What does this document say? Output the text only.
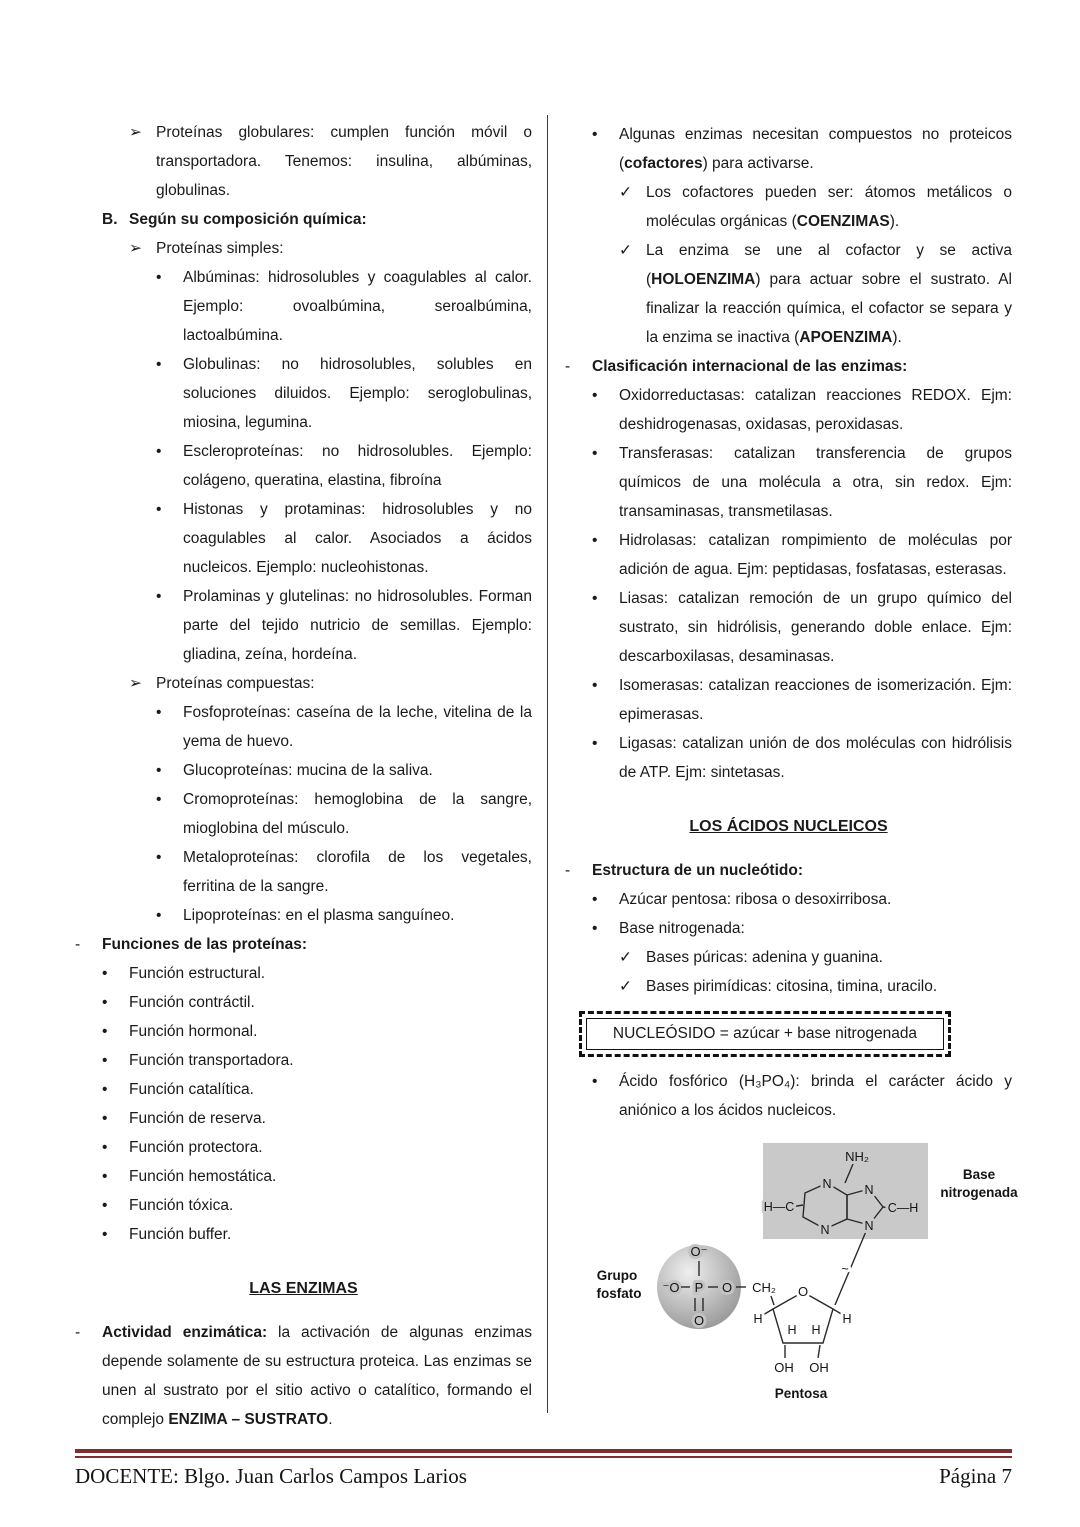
➢ Proteínas globulares: cumplen función móvil o transportadora. Tenemos: insulina, albúminas, globulinas.
B. Según su composición química:
➢ Proteínas simples:
• Albúminas: hidrosolubles y coagulables al calor. Ejemplo: ovoalbúmina, seroalbúmina, lactoalbúmina.
• Globulinas: no hidrosolubles, solubles en soluciones diluidos. Ejemplo: seroglobulinas, miosina, legumina.
• Escleroproteínas: no hidrosolubles. Ejemplo: colágeno, queratina, elastina, fibroína
• Histonas y protaminas: hidrosolubles y no coagulables al calor. Asociados a ácidos nucleicos. Ejemplo: nucleohistonas.
• Prolaminas y glutelinas: no hidrosolubles. Forman parte del tejido nutricio de semillas. Ejemplo: gliadina, zeína, hordeína.
➢ Proteínas compuestas:
• Fosfoproteínas: caseína de la leche, vitelina de la yema de huevo.
• Glucoproteínas: mucina de la saliva.
• Cromoproteínas: hemoglobina de la sangre, mioglobina del músculo.
• Metaloproteínas: clorofila de los vegetales, ferritina de la sangre.
• Lipoproteínas: en el plasma sanguíneo.
- Funciones de las proteínas:
• Función estructural.
• Función contráctil.
• Función hormonal.
• Función transportadora.
• Función catalítica.
• Función de reserva.
• Función protectora.
• Función hemostática.
• Función tóxica.
• Función buffer.
LAS ENZIMAS
- Actividad enzimática: la activación de algunas enzimas depende solamente de su estructura proteica. Las enzimas se unen al sustrato por el sitio activo o catalítico, formando el complejo ENZIMA – SUSTRATO.
• Algunas enzimas necesitan compuestos no proteicos (cofactores) para activarse.
✓ Los cofactores pueden ser: átomos metálicos o moléculas orgánicas (COENZIMAS).
✓ La enzima se une al cofactor y se activa (HOLOENZIMA) para actuar sobre el sustrato. Al finalizar la reacción química, el cofactor se separa y la enzima se inactiva (APOENZIMA).
- Clasificación internacional de las enzimas:
• Oxidorreductasas: catalizan reacciones REDOX. Ejm: deshidrogenasas, oxidasas, peroxidasas.
• Transferasas: catalizan transferencia de grupos químicos de una molécula a otra, sin redox. Ejm: transaminasas, transmetilasas.
• Hidrolasas: catalizan rompimiento de moléculas por adición de agua. Ejm: peptidasas, fosfatasas, esterasas.
• Liasas: catalizan remoción de un grupo químico del sustrato, sin hidrólisis, generando doble enlace. Ejm: descarboxilasas, desaminasas.
• Isomerasas: catalizan reacciones de isomerización. Ejm: epimerasas.
• Ligasas: catalizan unión de dos moléculas con hidrólisis de ATP. Ejm: sintetasas.
LOS ÁCIDOS NUCLEICOS
- Estructura de un nucleótido:
• Azúcar pentosa: ribosa o desoxirribosa.
• Base nitrogenada:
✓ Bases púricas: adenina y guanina.
✓ Bases pirimídicas: citosina, timina, uracilo.
NUCLEÓSIDO = azúcar + base nitrogenada
• Ácido fosfórico (H₃PO₄): brinda el carácter ácido y aniónico a los ácidos nucleicos.
NH₂
N
N
N
N
H—C	C—H
~
Base
nitrogenada
O⁻
⁻O P O
O
Grupo
fosfato	CH₂ O
H
H H
H
OH OH
Pentosa
DOCENTE: Blgo. Juan Carlos Campos Larios	Página 7
